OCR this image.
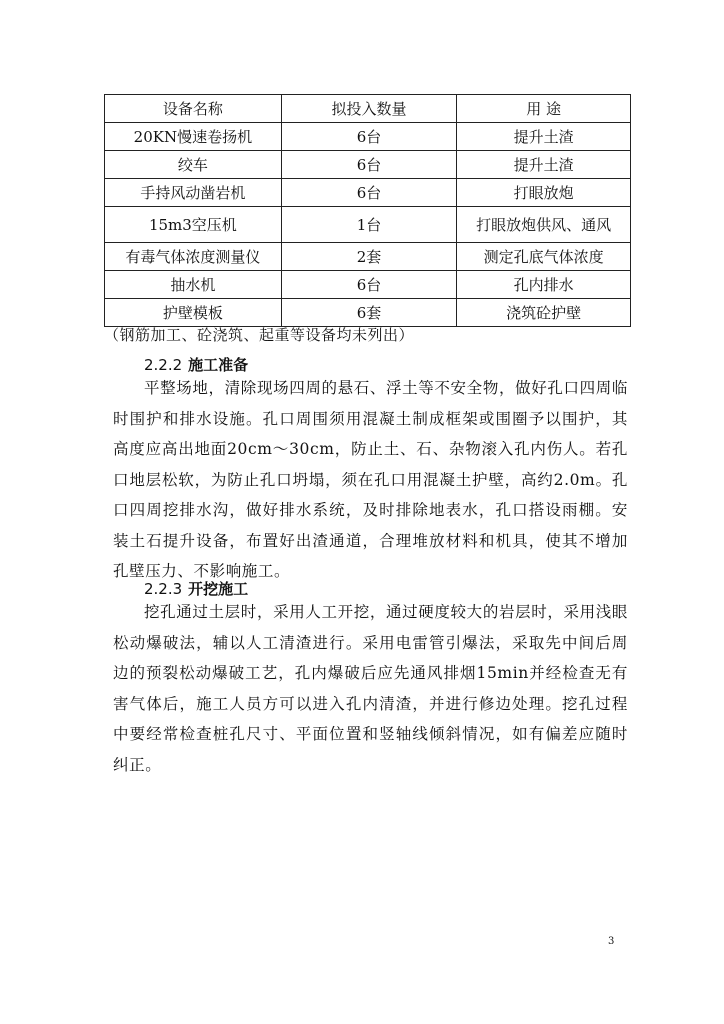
设备名称	拟投入数量	用 途
20KN慢速卷扬机	6台	提升土渣
绞车	6台	提升土渣
手持风动凿岩机	6台	打眼放炮
15m3空压机	1台	打眼放炮供风、通风
有毒气体浓度测量仪	2套	测定孔底气体浓度
抽水机	6台	孔内排水
护壁模板	6套	浇筑砼护壁
（钢筋加工、砼浇筑、起重等设备均未列出）
2.2.2 施工准备

平整场地，清除现场四周的悬石、浮土等不安全物，做好孔口四周临时围护和排水设施。孔口周围须用混凝土制成框架或围圈予以围护，其高度应高出地面20cm～30cm，防止土、石、杂物滚入孔内伤人。若孔口地层松软，为防止孔口坍塌，须在孔口用混凝土护壁，高约2.0m。孔口四周挖排水沟，做好排水系统，及时排除地表水，孔口搭设雨棚。安装土石提升设备，布置好出渣通道，合理堆放材料和机具，使其不增加孔壁压力、不影响施工。

2.2.3 开挖施工

挖孔通过土层时，采用人工开挖，通过硬度较大的岩层时，采用浅眼松动爆破法，辅以人工清渣进行。采用电雷管引爆法，采取先中间后周边的预裂松动爆破工艺，孔内爆破后应先通风排烟15min并经检查无有害气体后，施工人员方可以进入孔内清渣，并进行修边处理。挖孔过程中要经常检查桩孔尺寸、平面位置和竖轴线倾斜情况，如有偏差应随时纠正。

3
